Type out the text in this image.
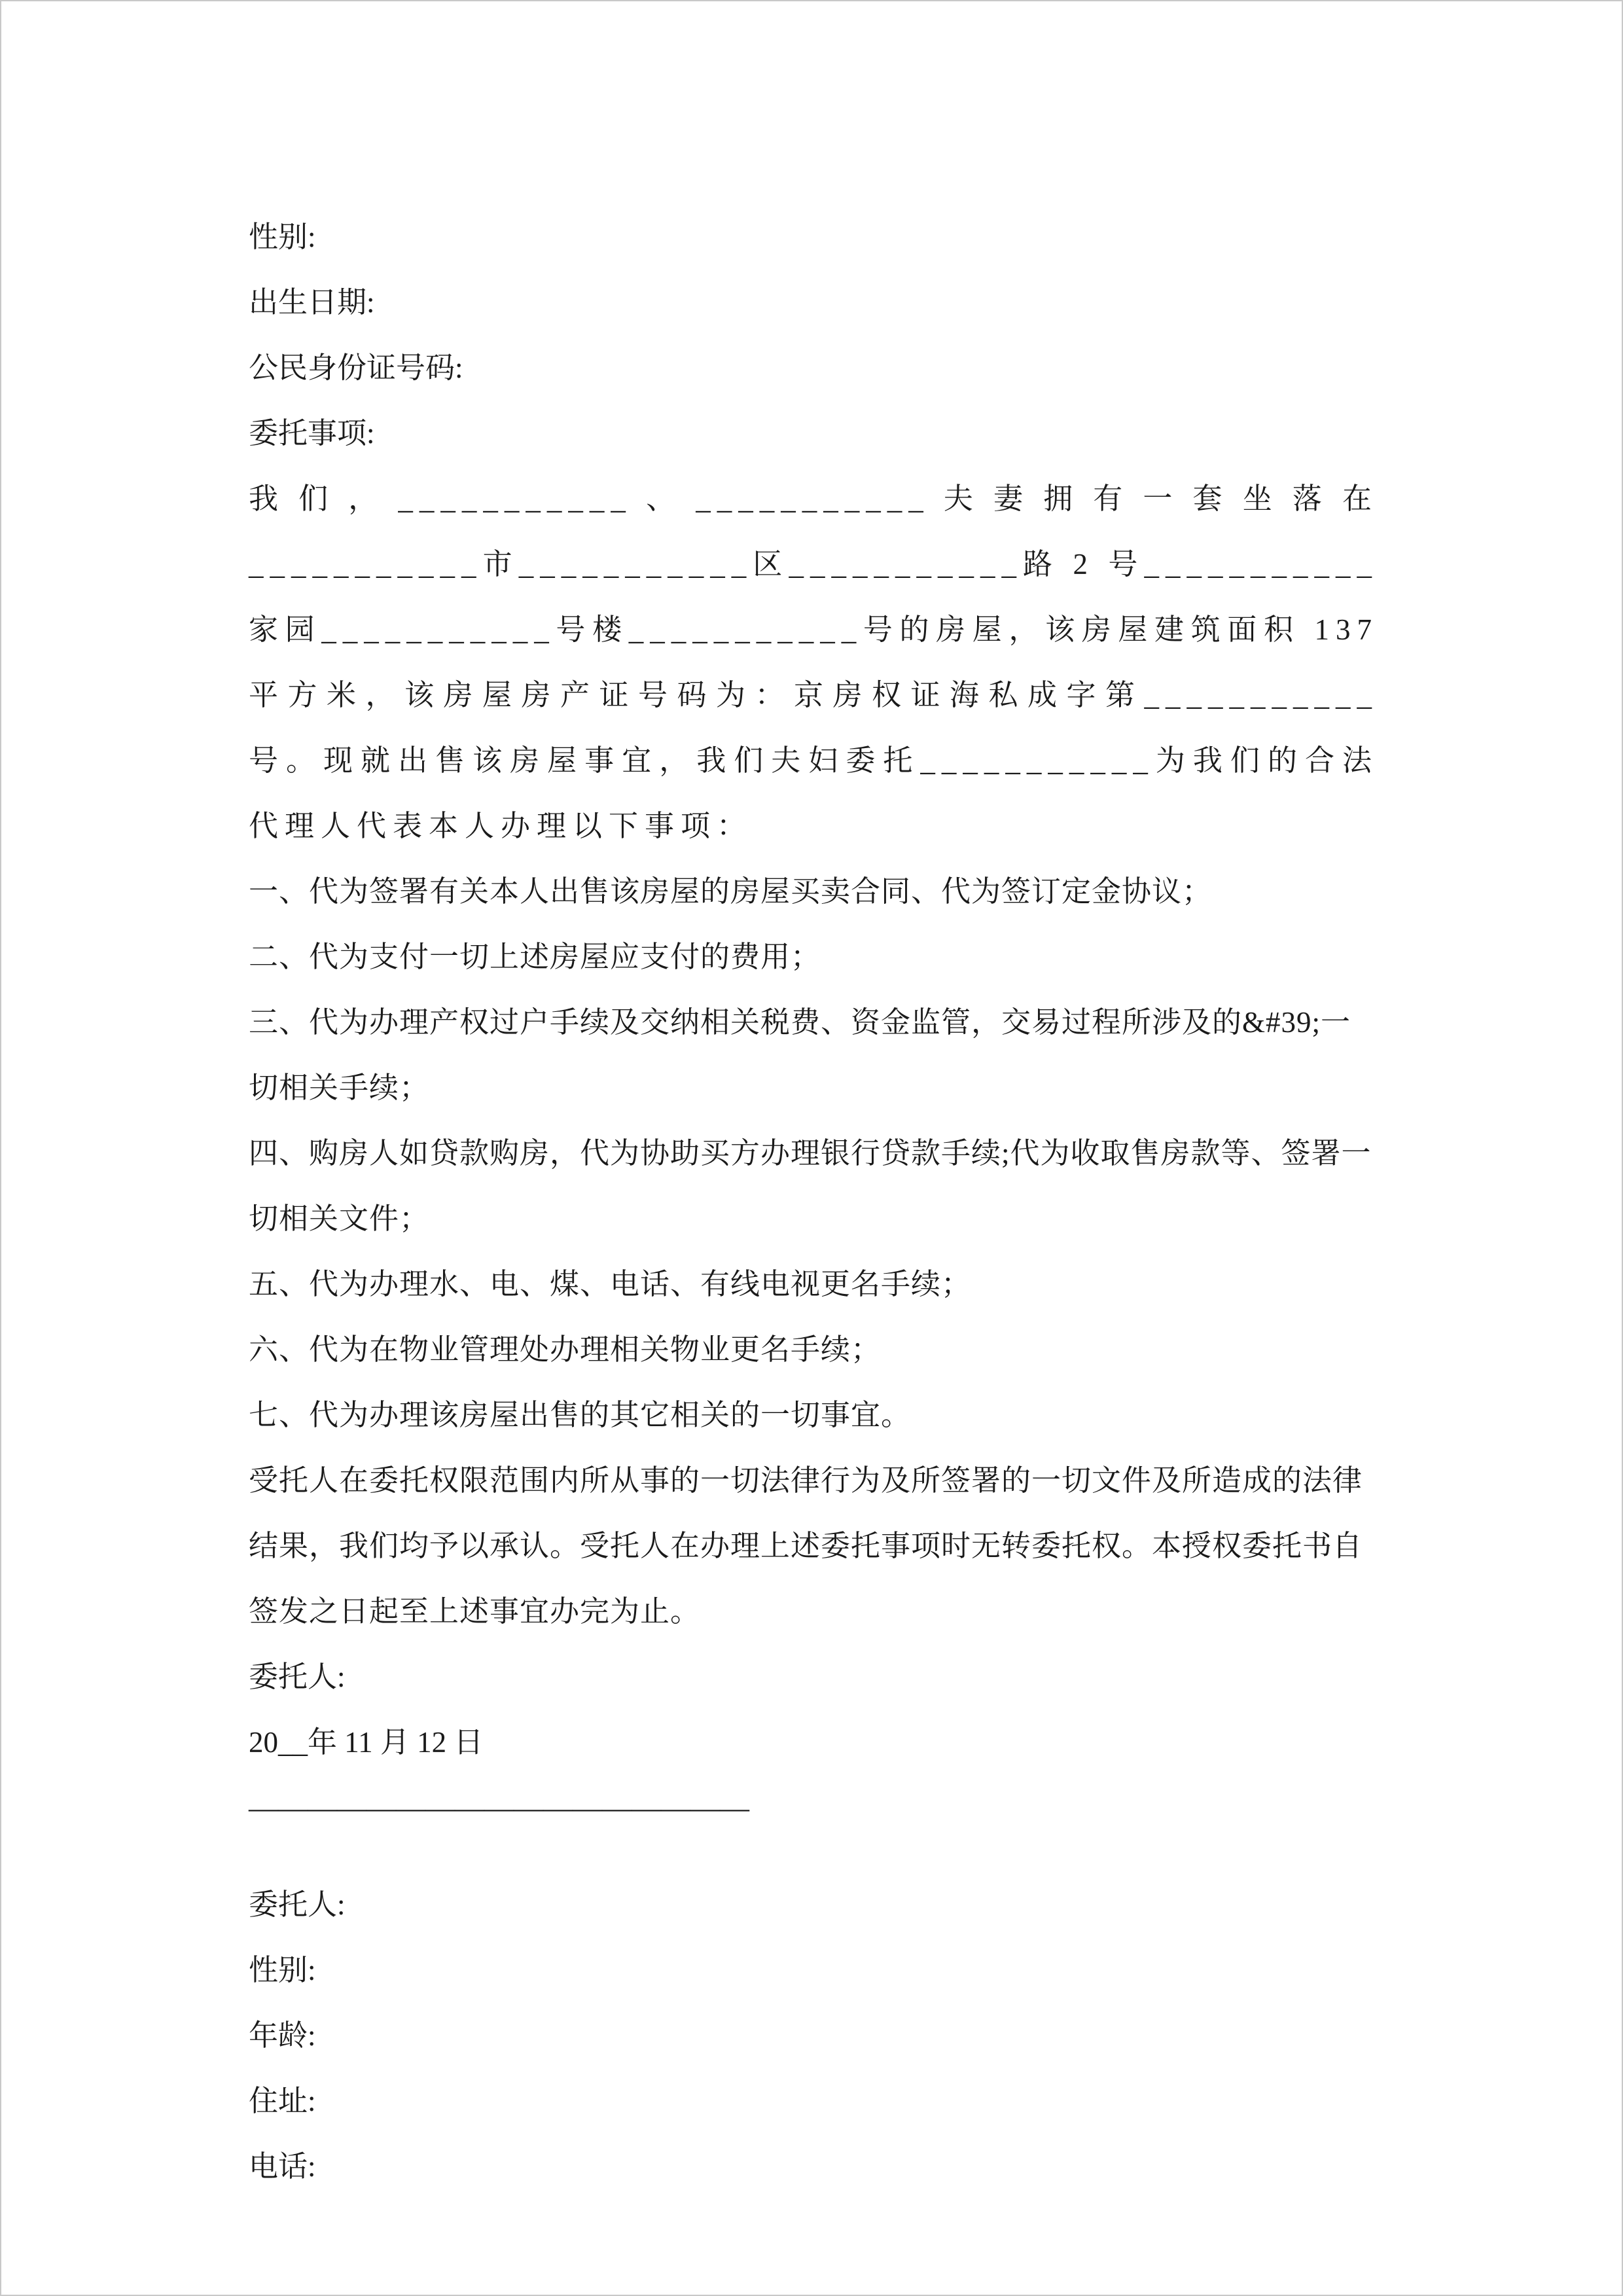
性别:

出生日期:

公民身份证号码:

委托事项:

我们，___________、___________夫妻拥有一套坐落在___________市___________区___________路 2 号___________家园___________号楼___________号的房屋，该房屋建筑面积 137 平方米，该房屋房产证号码为：京房权证海私成字第___________号。现就出售该房屋事宜，我们夫妇委托___________为我们的合法代理人代表本人办理以下事项：

一、代为签署有关本人出售该房屋的房屋买卖合同、代为签订定金协议；

二、代为支付一切上述房屋应支付的费用；

三、代为办理产权过户手续及交纳相关税费、资金监管，交易过程所涉及的&#39;一切相关手续；

四、购房人如贷款购房，代为协助买方办理银行贷款手续;代为收取售房款等、签署一切相关文件；

五、代为办理水、电、煤、电话、有线电视更名手续；

六、代为在物业管理处办理相关物业更名手续；

七、代为办理该房屋出售的其它相关的一切事宜。

受托人在委托权限范围内所从事的一切法律行为及所签署的一切文件及所造成的法律结果，我们均予以承认。受托人在办理上述委托事项时无转委托权。本授权委托书自签发之日起至上述事宜办完为止。

委托人:

20__年 11 月 12 日

—————————————————

委托人:

性别:

年龄:

住址:

电话:
